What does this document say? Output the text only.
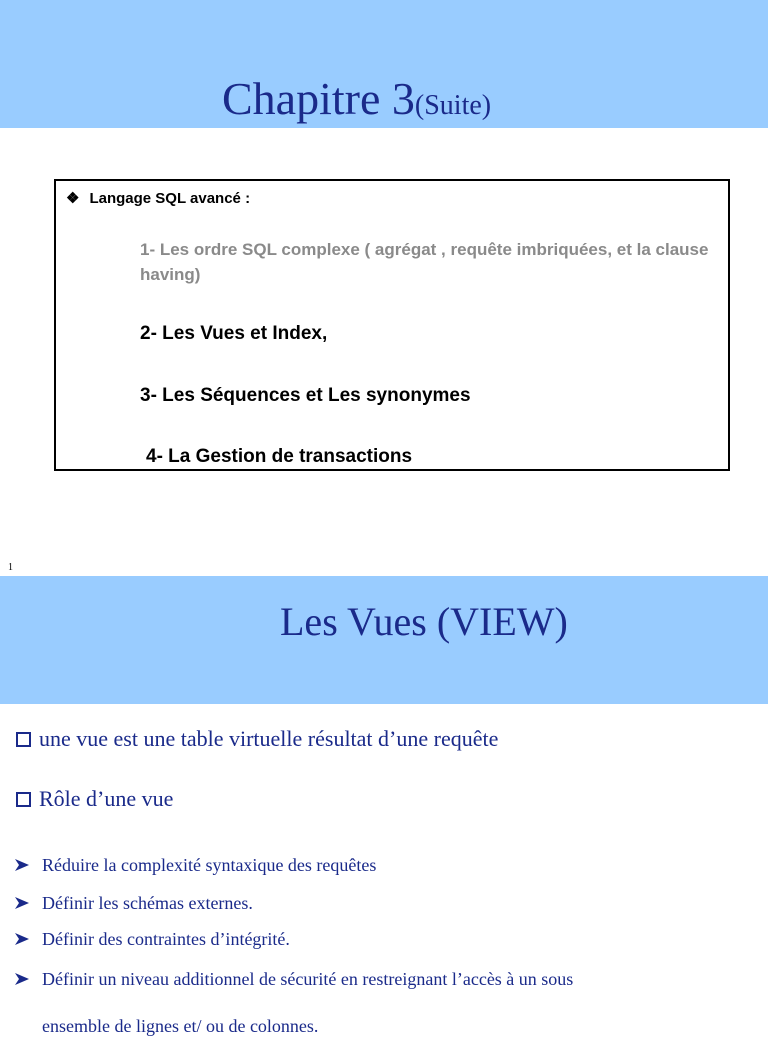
Chapitre 3(Suite)
❖ Langage SQL avancé :
1- Les ordre SQL complexe ( agrégat , requête imbriquées, et la clause having)
2- Les Vues et Index,
3- Les Séquences et Les synonymes
4- La Gestion de transactions
1
Les Vues (VIEW)
une vue est une table virtuelle résultat d’une requête
Rôle d’une vue
Réduire la complexité syntaxique des requêtes
Définir les schémas externes.
Définir des contraintes d’intégrité.
Définir un niveau additionnel de sécurité en restreignant l’accès à un sous
ensemble de lignes et/ ou de colonnes.
